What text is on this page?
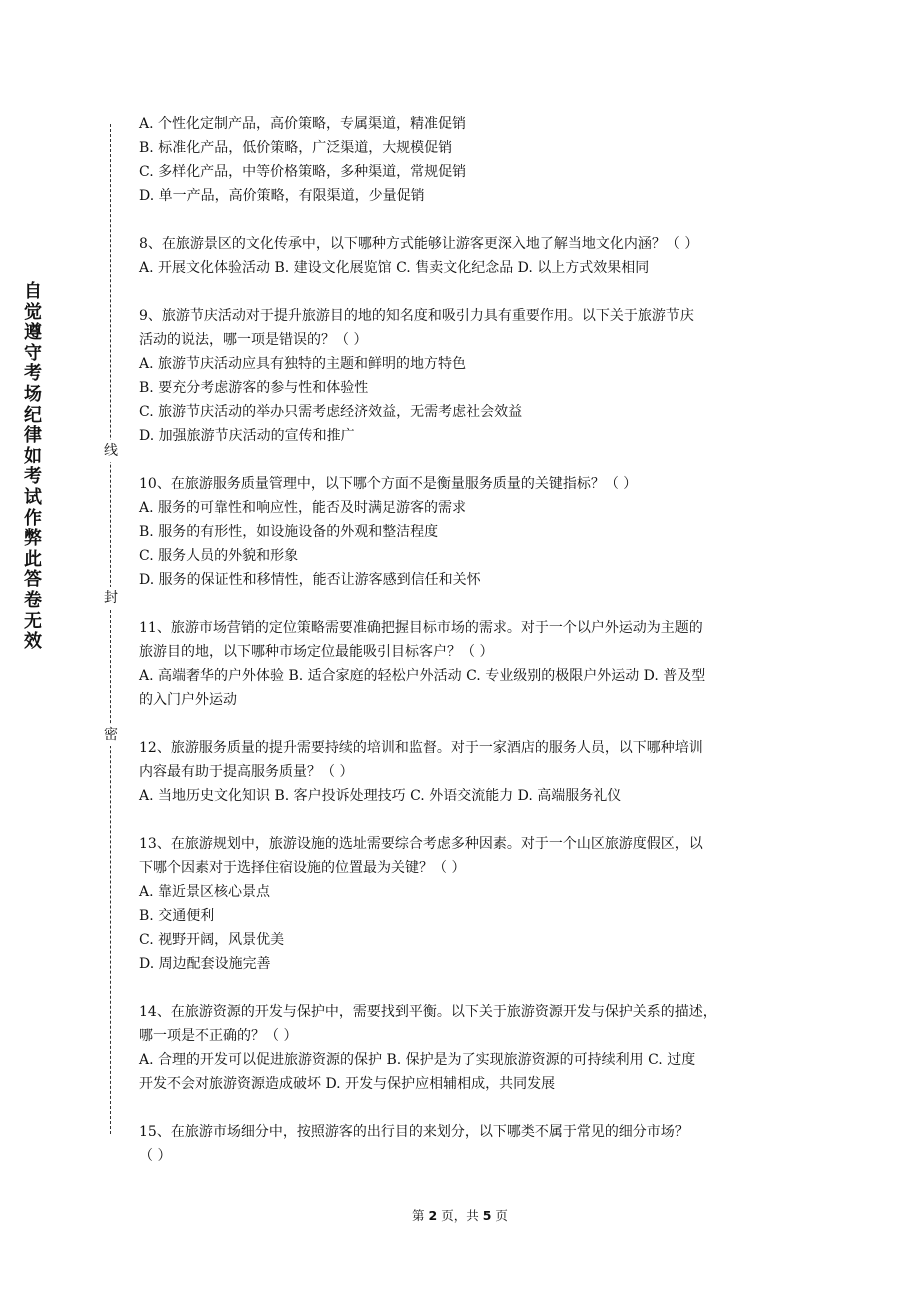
自
觉
遵
守
考
场
纪
律
如
考
试
作
弊
此
答
卷
无
效
线
封
密
A. 个性化定制产品，高价策略，专属渠道，精准促销
B. 标准化产品，低价策略，广泛渠道，大规模促销
C. 多样化产品，中等价格策略，多种渠道，常规促销
D. 单一产品，高价策略，有限渠道，少量促销
8、在旅游景区的文化传承中，以下哪种方式能够让游客更深入地了解当地文化内涵？（ ）
A. 开展文化体验活动 B. 建设文化展览馆 C. 售卖文化纪念品 D. 以上方式效果相同
9、旅游节庆活动对于提升旅游目的地的知名度和吸引力具有重要作用。以下关于旅游节庆
活动的说法，哪一项是错误的？（ ）
A. 旅游节庆活动应具有独特的主题和鲜明的地方特色
B. 要充分考虑游客的参与性和体验性
C. 旅游节庆活动的举办只需考虑经济效益，无需考虑社会效益
D. 加强旅游节庆活动的宣传和推广
10、在旅游服务质量管理中，以下哪个方面不是衡量服务质量的关键指标？（ ）
A. 服务的可靠性和响应性，能否及时满足游客的需求
B. 服务的有形性，如设施设备的外观和整洁程度
C. 服务人员的外貌和形象
D. 服务的保证性和移情性，能否让游客感到信任和关怀
11、旅游市场营销的定位策略需要准确把握目标市场的需求。对于一个以户外运动为主题的
旅游目的地，以下哪种市场定位最能吸引目标客户？（ ）
A. 高端奢华的户外体验 B. 适合家庭的轻松户外活动 C. 专业级别的极限户外运动 D. 普及型
的入门户外运动
12、旅游服务质量的提升需要持续的培训和监督。对于一家酒店的服务人员，以下哪种培训
内容最有助于提高服务质量？（ ）
A. 当地历史文化知识 B. 客户投诉处理技巧 C. 外语交流能力 D. 高端服务礼仪
13、在旅游规划中，旅游设施的选址需要综合考虑多种因素。对于一个山区旅游度假区，以
下哪个因素对于选择住宿设施的位置最为关键？（ ）
A. 靠近景区核心景点
B. 交通便利
C. 视野开阔，风景优美
D. 周边配套设施完善
14、在旅游资源的开发与保护中，需要找到平衡。以下关于旅游资源开发与保护关系的描述，
哪一项是不正确的？（ ）
A. 合理的开发可以促进旅游资源的保护 B. 保护是为了实现旅游资源的可持续利用 C. 过度
开发不会对旅游资源造成破坏 D. 开发与保护应相辅相成，共同发展
15、在旅游市场细分中，按照游客的出行目的来划分，以下哪类不属于常见的细分市场？
（ ）
第 2 页，共 5 页
